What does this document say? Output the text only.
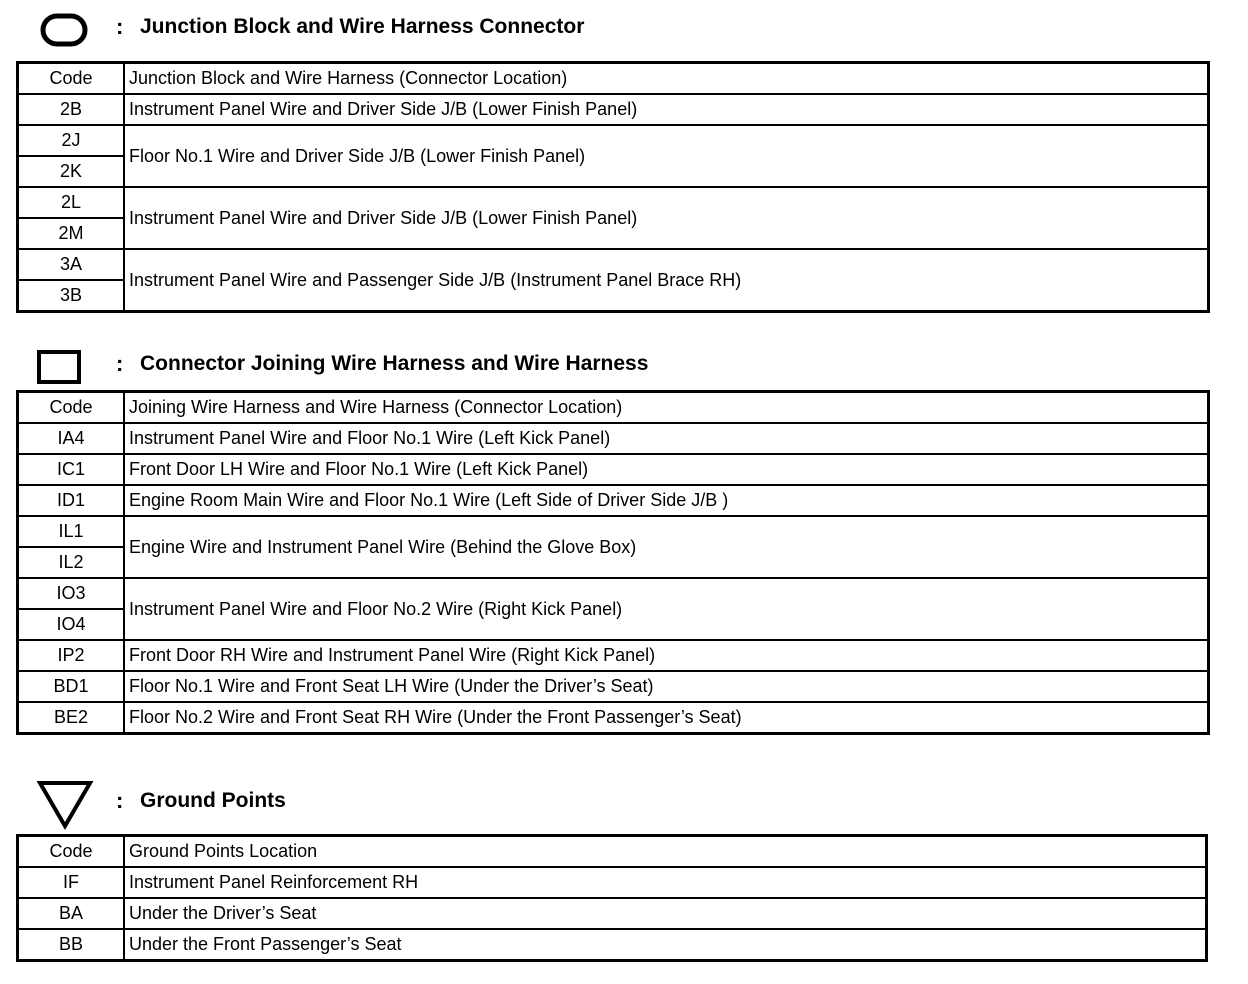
: Junction Block and Wire Harness Connector
Code	Junction Block and Wire Harness (Connector Location)
2B	Instrument Panel Wire and Driver Side J/B (Lower Finish Panel)
2J	Floor No.1 Wire and Driver Side J/B (Lower Finish Panel)
2K	
2L	Instrument Panel Wire and Driver Side J/B (Lower Finish Panel)
2M	
3A	Instrument Panel Wire and Passenger Side J/B (Instrument Panel Brace RH)
3B	
: Connector Joining Wire Harness and Wire Harness
Code	Joining Wire Harness and Wire Harness (Connector Location)
IA4	Instrument Panel Wire and Floor No.1 Wire (Left Kick Panel)
IC1	Front Door LH Wire and Floor No.1 Wire (Left Kick Panel)
ID1	Engine Room Main Wire and Floor No.1 Wire (Left Side of Driver Side J/B )
IL1	Engine Wire and Instrument Panel Wire (Behind the Glove Box)
IL2	
IO3	Instrument Panel Wire and Floor No.2 Wire (Right Kick Panel)
IO4	
IP2	Front Door RH Wire and Instrument Panel Wire (Right Kick Panel)
BD1	Floor No.1 Wire and Front Seat LH Wire (Under the Driver’s Seat)
BE2	Floor No.2 Wire and Front Seat RH Wire (Under the Front Passenger’s Seat)
: Ground Points
Code	Ground Points Location
IF	Instrument Panel Reinforcement RH
BA	Under the Driver’s Seat
BB	Under the Front Passenger’s Seat
